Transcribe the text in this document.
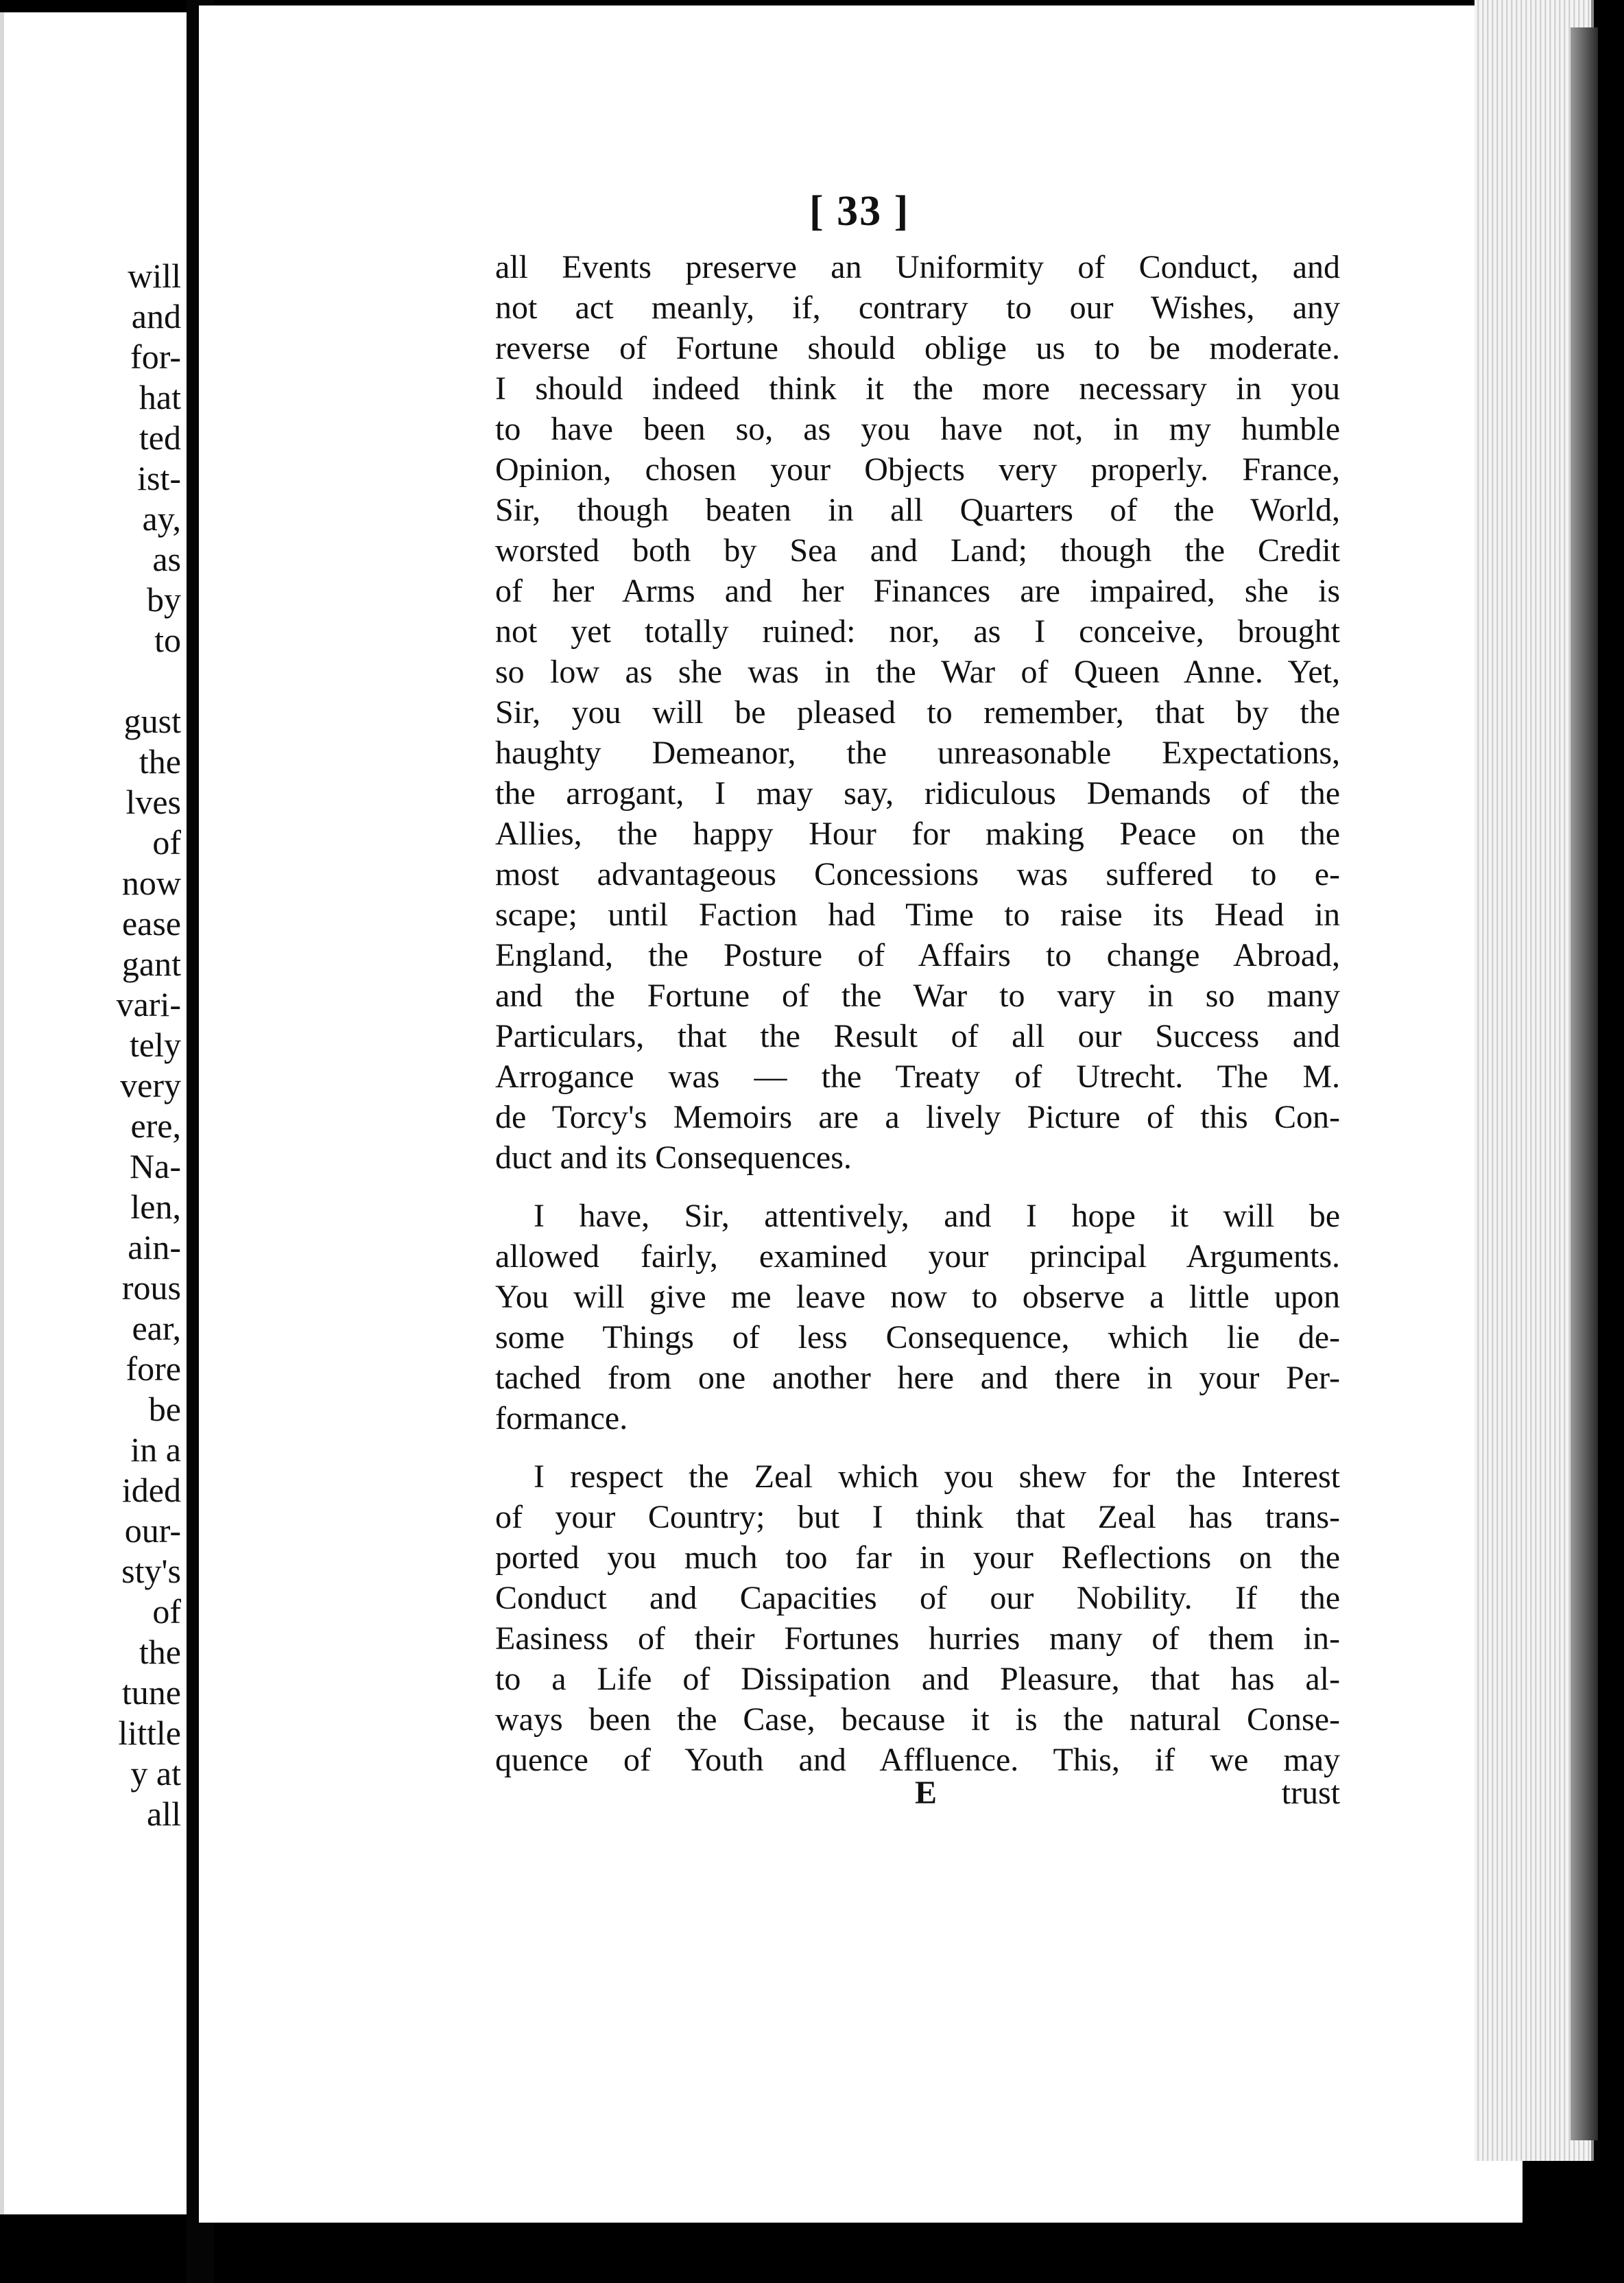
will
and
for-
hat
ted
ist-
ay,
as
by
to
gust
the
lves
of
now
ease
gant
vari-
tely
very
ere,
Na-
len,
ain-
rous
ear,
fore
be
in a
ided
our-
sty's
of
the
tune
little
y at
all
[ 33 ]
all Events preserve an Uniformity of Conduct, and
not act meanly, if, contrary to our Wishes, any
reverse of Fortune should oblige us to be moderate.
I should indeed think it the more necessary in you
to have been so, as you have not, in my humble
Opinion, chosen your Objects very properly. France,
Sir, though beaten in all Quarters of the World,
worsted both by Sea and Land; though the Credit
of her Arms and her Finances are impaired, she is
not yet totally ruined: nor, as I conceive, brought
so low as she was in the War of Queen Anne. Yet,
Sir, you will be pleased to remember, that by the
haughty Demeanor, the unreasonable Expectations,
the arrogant, I may say, ridiculous Demands of the
Allies, the happy Hour for making Peace on the
most advantageous Concessions was suffered to e-
scape; until Faction had Time to raise its Head in
England, the Posture of Affairs to change Abroad,
and the Fortune of the War to vary in so many
Particulars, that the Result of all our Success and
Arrogance was — the Treaty of Utrecht. The M.
de Torcy's Memoirs are a lively Picture of this Con-
duct and its Consequences.
I have, Sir, attentively, and I hope it will be
allowed fairly, examined your principal Arguments.
You will give me leave now to observe a little upon
some Things of less Consequence, which lie de-
tached from one another here and there in your Per-
formance.
I respect the Zeal which you shew for the Interest
of your Country; but I think that Zeal has trans-
ported you much too far in your Reflections on the
Conduct and Capacities of our Nobility. If the
Easiness of their Fortunes hurries many of them in-
to a Life of Dissipation and Pleasure, that has al-
ways been the Case, because it is the natural Conse-
quence of Youth and Affluence. This, if we may
E	trust
